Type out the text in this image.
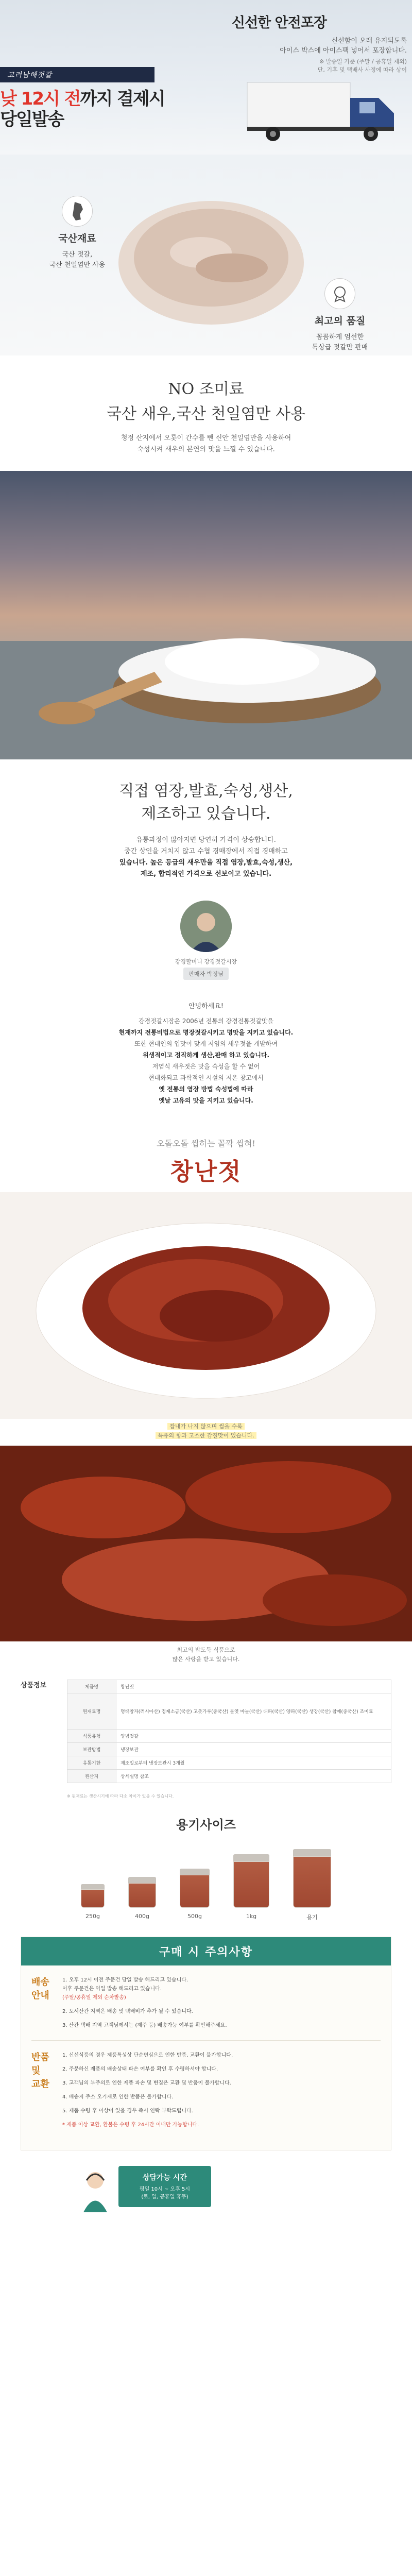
신선한 안전포장
신선함이 오래 유지되도록
아이스 박스에 아이스팩 넣어서 포장합니다.
※ 발송일 기준 (주말 / 공휴일 제외)
단, 기후 및 택배사 사정에 따라 상이
고려남해젓갈
낮 12시 전까지 결제시
당일발송
국산재료
국산 젓갈,
국산 천일염만 사용
최고의 품질
꼼꼼하게 엄선한
특상급 젓갈만 판매
NO 조미료
국산 새우,국산 천일염만 사용
청정 산지에서 오롯이 간수를 뺀 신안 천일염만을 사용하여
숙성시켜 새우의 본연의 맛을 느낄 수 있습니다.
직접 염장,발효,숙성,생산,
제조하고 있습니다.
유통과정이 많아지면 당연히 가격이 상승합니다.
중간 상인을 거치지 않고 수협 경매장에서 직접 경매하고
있습니다. 높은 등급의 새우만을 직접 염장,발효,숙성,생산,
제조, 합리적인 가격으로 선보이고 있습니다.
강경할머니 강경젓갈시장
판매자 박정님
안녕하세요!
강경젓갈시장은 2006년 전통의 강경전통젓갈맛을
현재까지 전통비법으로 명장젓갈시키고 명맛을 지키고 있습니다.
또한 현대인의 입맛이 맞게 저염의 새우젓을 개발하여
위생적이고 정직하게 생산,판매 하고 있습니다.
저염식 새우젓은 맛을 숙성을 할 수 없어
현대화되고 과학적인 시설의 저온 창고에서
옛 전통의 염장 방법 숙성법에 따라
옛날 고유의 맛을 지키고 있습니다.
오돌오돌 씹히는 꼴깍 씹혀!
창난젓
잡내가 나지 않으며 씹을 수록
특유의 향과 고소한 감칠맛이 있습니다.
최고의 밥도둑 식품으로
많은 사랑을 받고 있습니다.
상품정보	제품명	창난젓
원재료명	명태창자(러시아산) 정제소금(국산) 고춧가루(중국산) 물엿 마늘(국산) 대파(국산) 양파(국산) 생강(국산) 참깨(중국산) 조미료
식품유형	양념젓갈
보관방법	냉장보관
유통기한	제조일로부터 냉장보관시 3개월
원산지	상세설명 참조
※ 원재료는 생산시기에 따라 다소 차이가 있을 수 있습니다.
용기사이즈
250g	400g	500g	1kg	용기
구매 시 주의사항
배송
안내

1. 오후 12시 이전 주문건 당일 발송 해드리고 있습니다.
이후 주문건은 익일 발송 해드리고 있습니다.
(주말/공휴일 제외 순차발송)

2. 도서산간 지역은 배송 및 택배비가 추가 될 수 있습니다.

3. 산간 택배 지역 고객님께서는 (제주 등) 배송가능 여부를 확인해주세요.

반품
및
교환

1. 신선식품의 경우 제품특성상 단순변심으로 인한 반품, 교환이 불가합니다.

2. 주문하신 제품의 배송상태 파손 여부를 확인 후 수령하셔야 합니다.

3. 고객님의 부주의로 인한 제품 파손 및 변질은 교환 및 반품이 불가합니다.

4. 배송지 주소 오기재로 인한 반품은 불가합니다.

5. 제품 수령 후 이상이 있을 경우 즉시 연락 부탁드립니다.

* 제품 이상 교환, 환불은 수령 후 24시간 이내만 가능합니다.

상담가능 시간
평일 10시 ~ 오후 5시
(토, 일, 공휴일 휴무)
